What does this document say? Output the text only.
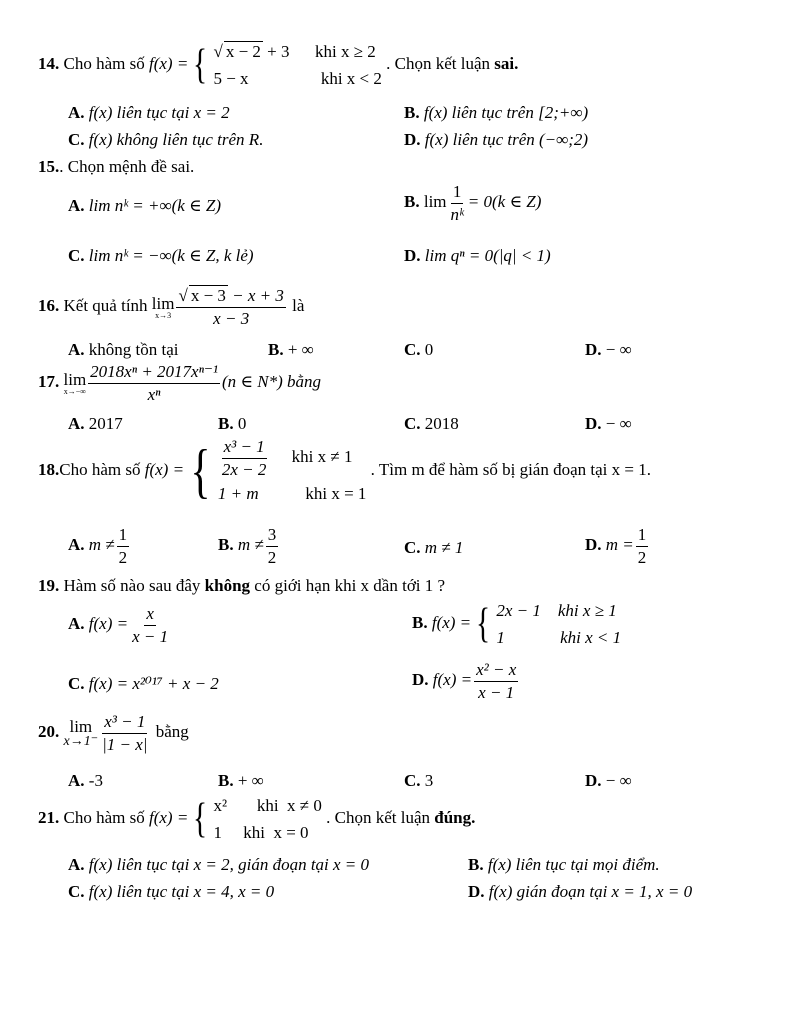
14. Cho hàm số f(x) = { √ x − 2 + 3 khi x ≥ 2
5 − x	khi x < 2
. Chọn kết luận sai.
A. f(x) liên tục tại x = 2	B. f(x) liên tục trên [2;+∞)
C. f(x) không liên tục trên R.	D. f(x) liên tục trên (−∞;2)
15.. Chọn mệnh đề sai.
A. lim nᵏ = +∞(k ∈ Z)	B. $\lim \frac{1}{\text{nᵏ}} = 0(k$ ∈ Z)
C. lim nᵏ = −∞(k ∈ Z, k lẻ)	D. lim qⁿ = 0(|q| < 1)
16. Kết quả tính lim
$x\to 3 \frac{√ x - 3 - x + 3}{x - 3}$ là
A. không tồn tại	B. + ∞	C. 0	D. − ∞
17. lim
$x\to-\infty \frac{\text{2018xⁿ + 2017xⁿ⁻¹}}{\text{xⁿ}} (n$ ∈ N*) bằng
A. 2017	B. 0	C. 2018	D. − ∞
18.Cho hàm số f(x) = { $\frac{\text{x³ − 1}}{2x - 2}$ khi x ≠ 1
1 + m	khi x = 1
. Tìm m để hàm số bị gián đoạn tại x = 1.
A. $m \ne \frac{1}{2}$	B. $m \ne \frac{3}{2}$	C. m ≠ 1	D. $m = \frac{1}{2}$
19. Hàm số nào sau đây không có giới hạn khi x dần tới 1 ?
A. $f(x) = \frac{x}{x - 1}$	B. f(x) = { 2x − 1    khi x ≥ 1
1             khi x < 1
C. f(x) = x²⁰¹⁷ + x − 2	D. $f(x) = \frac{\text{x² − x}}{x - 1}$
20. lim
$x\to 1^- \frac{\text{x³ − 1}}{|1 - x|}$ bằng
A. -3	B. + ∞	C. 3	D. − ∞
21. Cho hàm số f(x) = { x²       khi  x ≠ 0
1     khi  x = 0
. Chọn kết luận đúng.
A. f(x) liên tục tại x = 2, gián đoạn tại x = 0	B. f(x) liên tục tại mọi điểm.
C. f(x) liên tục tại x = 4, x = 0	D. f(x) gián đoạn tại x = 1, x = 0
